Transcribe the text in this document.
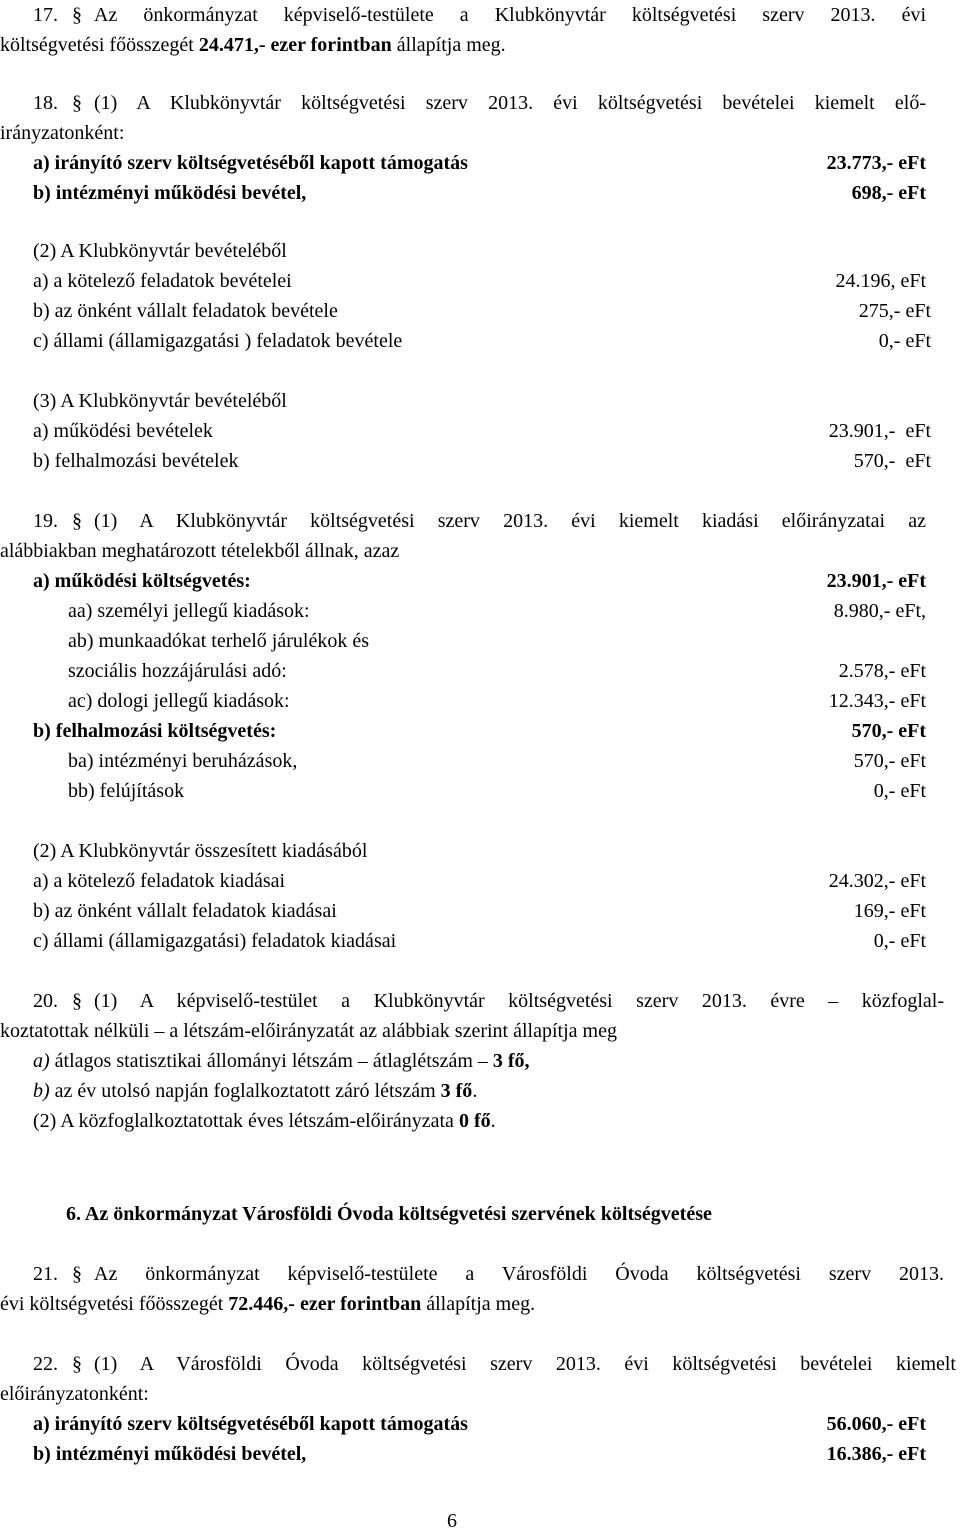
17. § Az önkormányzat képviselő-testülete a Klubkönyvtár költségvetési szerv 2013. évi
költségvetési főösszegét 24.471,- ezer forintban állapítja meg.
18. § (1) A Klubkönyvtár költségvetési szerv 2013. évi költségvetési bevételei kiemelt elő-
irányzatonként:
a) irányító szerv költségvetéséből kapott támogatás	23.773,- eFt
b) intézményi működési bevétel,	698,- eFt
(2) A Klubkönyvtár bevételéből
a) a kötelező feladatok bevételei	24.196, eFt
b) az önként vállalt feladatok bevétele	275,- eFt
c) állami (államigazgatási ) feladatok bevétele	0,- eFt
(3) A Klubkönyvtár bevételéből
a) működési bevételek	23.901,-  eFt
b) felhalmozási bevételek	570,-  eFt
19. § (1) A Klubkönyvtár költségvetési szerv 2013. évi kiemelt kiadási előirányzatai az
alábbiakban meghatározott tételekből állnak, azaz
a) működési költségvetés:	23.901,- eFt
aa) személyi jellegű kiadások:	8.980,- eFt,
ab) munkaadókat terhelő járulékok és
szociális hozzájárulási adó:	2.578,- eFt
ac) dologi jellegű kiadások:	12.343,- eFt
b) felhalmozási költségvetés:	570,- eFt
ba) intézményi beruházások,	570,- eFt
bb) felújítások	0,- eFt
(2) A Klubkönyvtár összesített kiadásából
a) a kötelező feladatok kiadásai	24.302,- eFt
b) az önként vállalt feladatok kiadásai	169,- eFt
c) állami (államigazgatási) feladatok kiadásai	0,- eFt
20. § (1) A képviselő-testület a Klubkönyvtár költségvetési szerv 2013. évre – közfoglal-
koztatottak nélküli – a létszám-előirányzatát az alábbiak szerint állapítja meg
a) átlagos statisztikai állományi létszám – átlaglétszám – 3 fő,
b) az év utolsó napján foglalkoztatott záró létszám 3 fő.
(2) A közfoglalkoztatottak éves létszám-előirányzata 0 fő.
6. Az önkormányzat Városföldi Óvoda költségvetési szervének költségvetése
21. § Az önkormányzat képviselő-testülete a Városföldi Óvoda költségvetési szerv 2013.
évi költségvetési főösszegét 72.446,- ezer forintban állapítja meg.
22. § (1) A Városföldi Óvoda költségvetési szerv 2013. évi költségvetési bevételei kiemelt
előirányzatonként:
a) irányító szerv költségvetéséből kapott támogatás	56.060,- eFt
b) intézményi működési bevétel,	16.386,- eFt
6
